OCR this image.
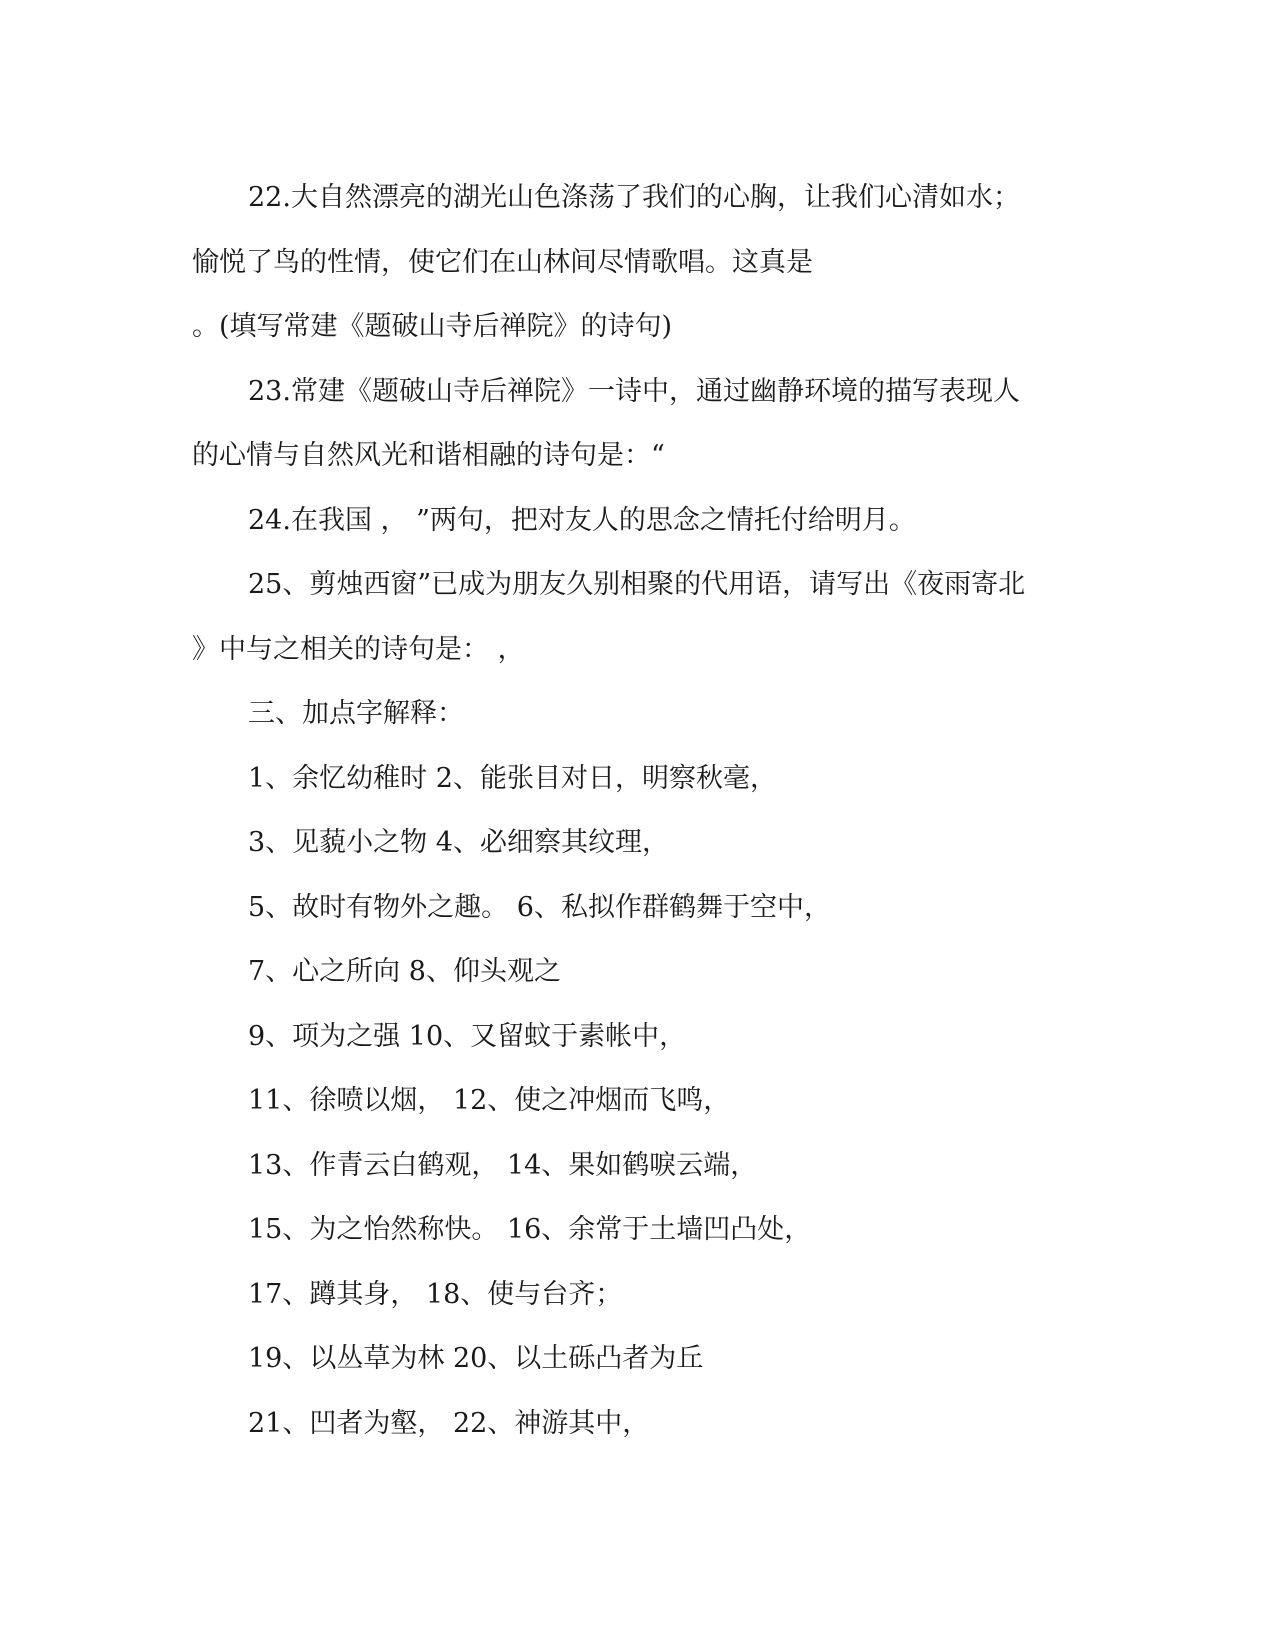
22.大自然漂亮的湖光山色涤荡了我们的心胸，让我们心清如水；
愉悦了鸟的性情，使它们在山林间尽情歌唱。这真是
。(填写常建《题破山寺后禅院》的诗句)
23.常建《题破山寺后禅院》一诗中，通过幽静环境的描写表现人
的心情与自然风光和谐相融的诗句是：“
24.在我国 ， ”两句，把对友人的思念之情托付给明月。
25、剪烛西窗”已成为朋友久别相聚的代用语，请写出《夜雨寄北
》中与之相关的诗句是： ，
三、加点字解释：
1、余忆幼稚时 2、能张目对日，明察秋毫，
3、见藐小之物 4、必细察其纹理，
5、故时有物外之趣。 6、私拟作群鹤舞于空中，
7、心之所向 8、仰头观之
9、项为之强 10、又留蚊于素帐中，
11、徐喷以烟， 12、使之冲烟而飞鸣，
13、作青云白鹤观， 14、果如鹤唳云端，
15、为之怡然称快。 16、余常于土墙凹凸处，
17、蹲其身， 18、使与台齐；
19、以丛草为林 20、以土砾凸者为丘
21、凹者为壑， 22、神游其中，
